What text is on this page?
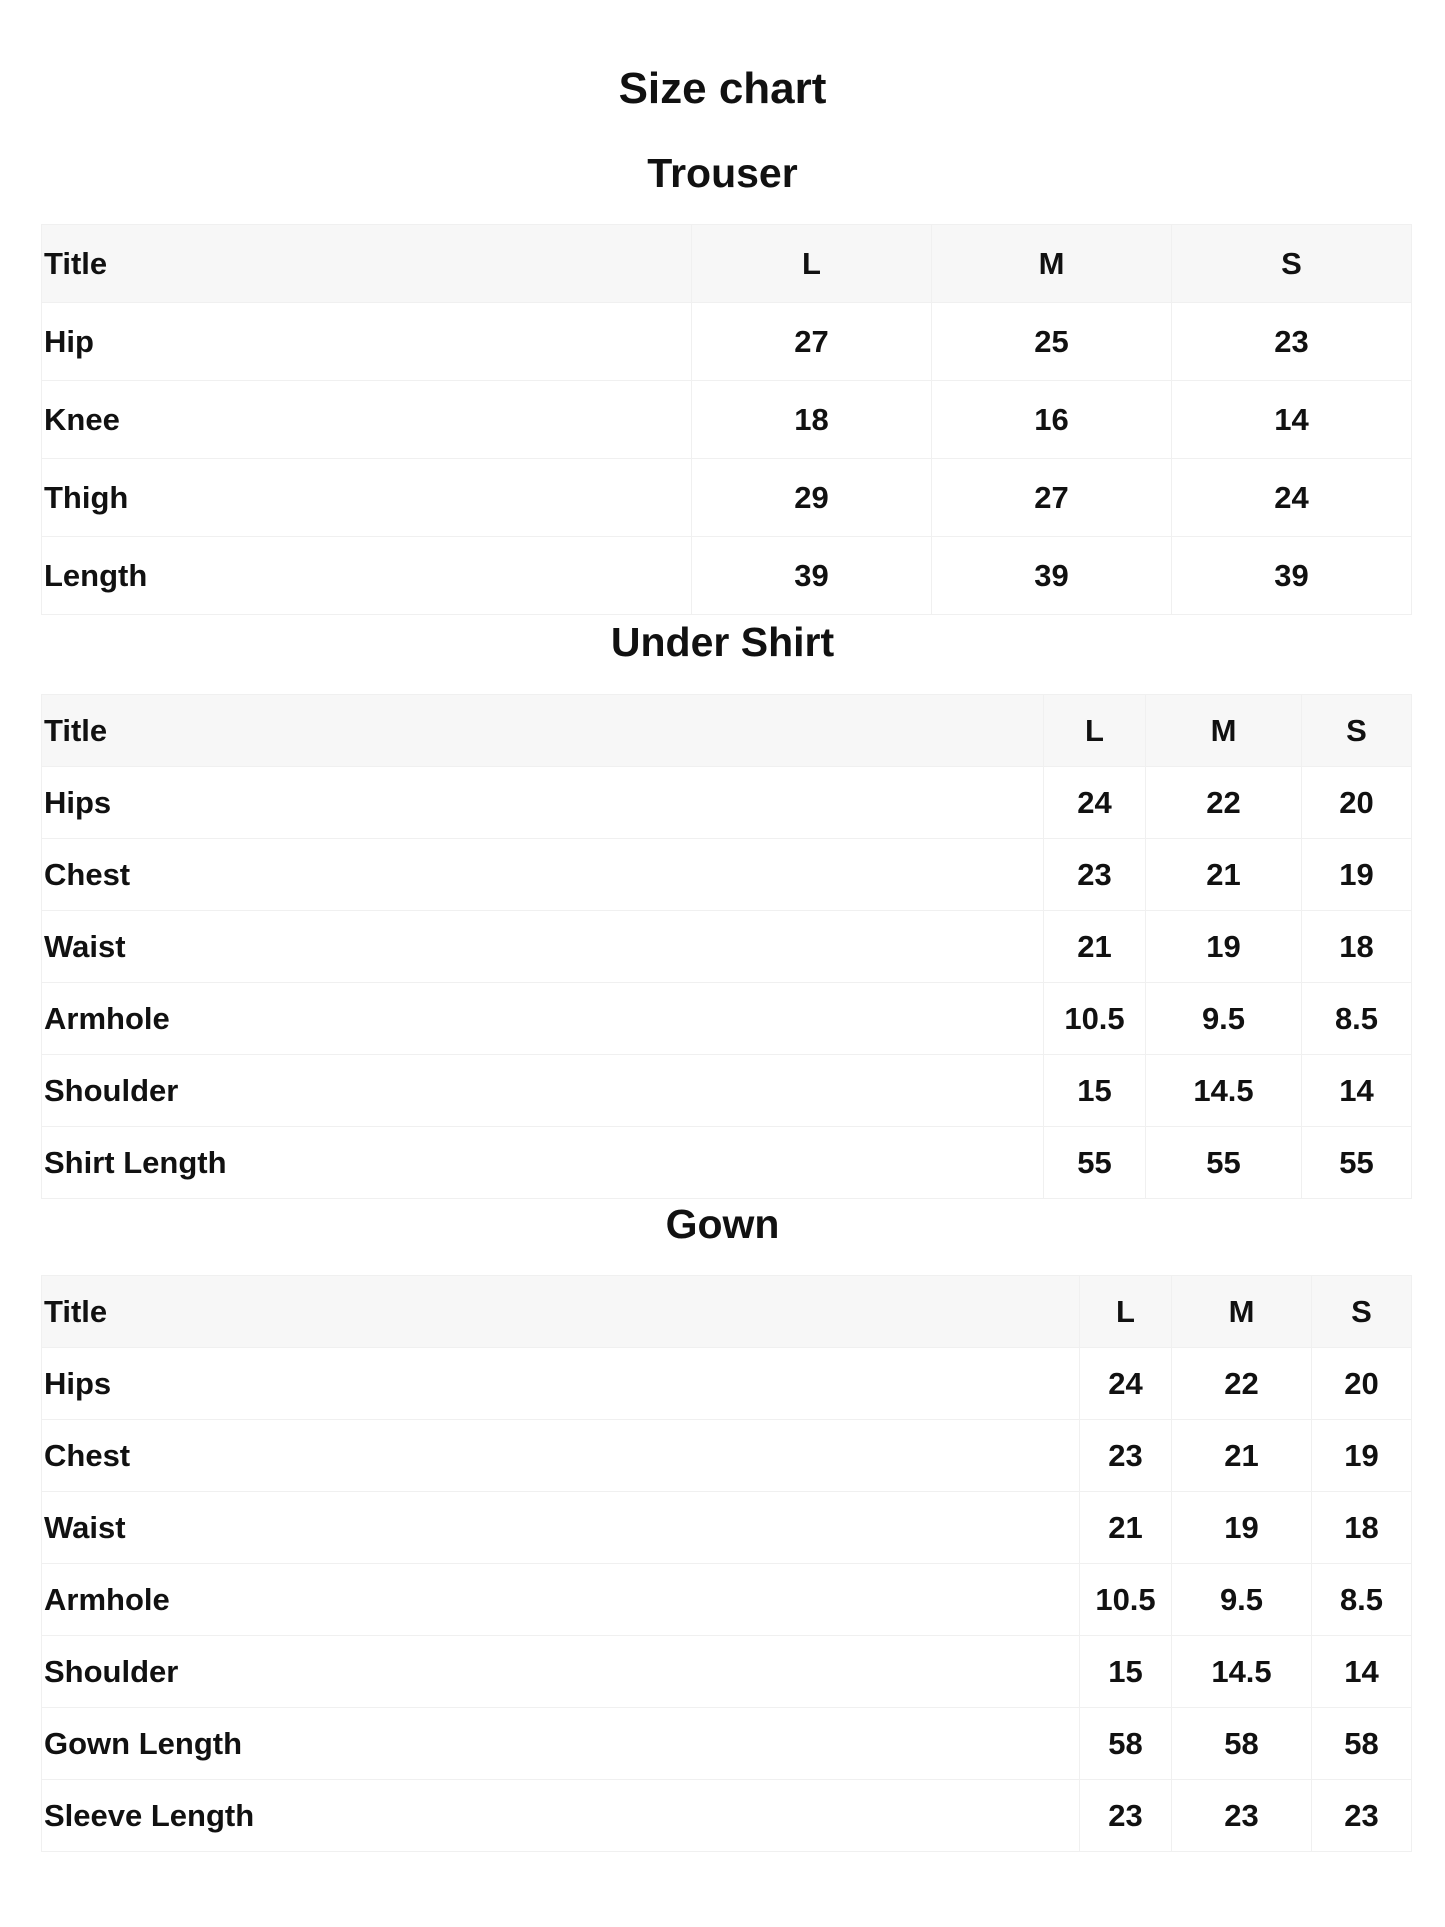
Size chart
Trouser
Title	L	M	S
Hip	27	25	23
Knee	18	16	14
Thigh	29	27	24
Length	39	39	39
Under Shirt
Title	L	M	S
Hips	24	22	20
Chest	23	21	19
Waist	21	19	18
Armhole	10.5	9.5	8.5
Shoulder	15	14.5	14
Shirt Length	55	55	55
Gown
Title	L	M	S
Hips	24	22	20
Chest	23	21	19
Waist	21	19	18
Armhole	10.5	9.5	8.5
Shoulder	15	14.5	14
Gown Length	58	58	58
Sleeve Length	23	23	23
